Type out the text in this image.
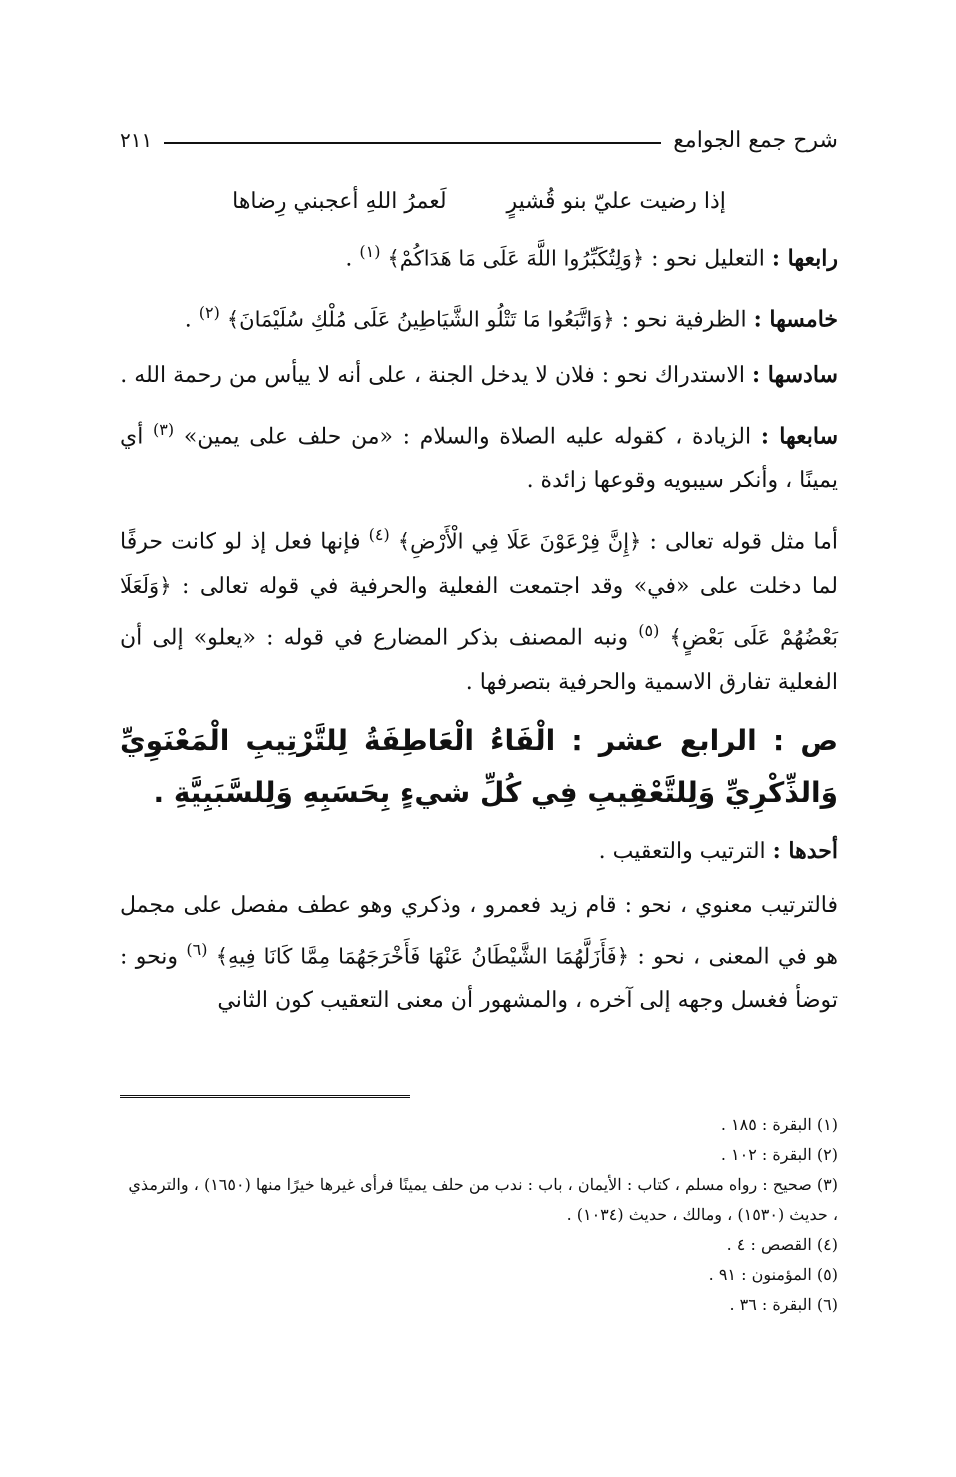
شرح جمع الجوامع
٢١١
إذا رضيت عليّ بنو قُشيرٍ
لَعمرُ اللهِ أعجبني رِضاها

رابعها : التعليل نحو : ﴿وَلِتُكَبِّرُوا اللَّهَ عَلَى مَا هَدَاكُمْ﴾ $^{(١)}$ .

خامسها : الظرفية نحو : ﴿وَاتَّبَعُوا مَا تَتْلُو الشَّيَاطِينُ عَلَى مُلْكِ سُلَيْمَانَ﴾ $^{(٢)}$ .

سادسها : الاستدراك نحو : فلان لا يدخل الجنة ، على أنه لا ييأس من رحمة الله .

سابعها : الزيادة ، كقوله عليه الصلاة والسلام : «من حلف على يمين» $^{(٣)}$ أي يمينًا ، وأنكر سيبويه وقوعها زائدة .

أما مثل قوله تعالى : ﴿إِنَّ فِرْعَوْنَ عَلَا فِي الْأَرْضِ﴾ $^{(٤)}$ فإنها فعل إذ لو كانت حرفًا لما دخلت على «في» وقد اجتمعت الفعلية والحرفية في قوله تعالى : ﴿وَلَعَلَا بَعْضُهُمْ عَلَى بَعْضٍ﴾ $^{(٥)}$ ونبه المصنف بذكر المضارع في قوله : «يعلو» إلى أن الفعلية تفارق الاسمية والحرفية بتصرفها .

ص : الرابع عشر : الْفَاءُ الْعَاطِفَةُ لِلتَّرْتِيبِ الْمَعْنَوِيِّ وَالذِّكْرِيِّ وَلِلتَّعْقِيبِ فِي كُلِّ شيءٍ بِحَسَبِهِ وَلِلسَّبَبِيَّةِ .

أحدها : الترتيب والتعقيب .

فالترتيب معنوي ، نحو : قام زيد فعمرو ، وذكري وهو عطف مفصل على مجمل هو في المعنى ، نحو : ﴿فَأَزَلَّهُمَا الشَّيْطَانُ عَنْهَا فَأَخْرَجَهُمَا مِمَّا كَانَا فِيهِ﴾ $^{(٦)}$ ونحو : توضأ فغسل وجهه إلى آخره ، والمشهور أن معنى التعقيب كون الثاني

(١) البقرة : ١٨٥ .

(٢) البقرة : ١٠٢ .

(٣) صحيح : رواه مسلم ، كتاب : الأيمان ، باب : ندب من حلف يمينًا فرأى غيرها خيرًا منها (١٦٥٠) ، والترمذي ، حديث (١٥٣٠) ، ومالك ، حديث (١٠٣٤) .

(٤) القصص : ٤ .

(٥) المؤمنون : ٩١ .

(٦) البقرة : ٣٦ .
